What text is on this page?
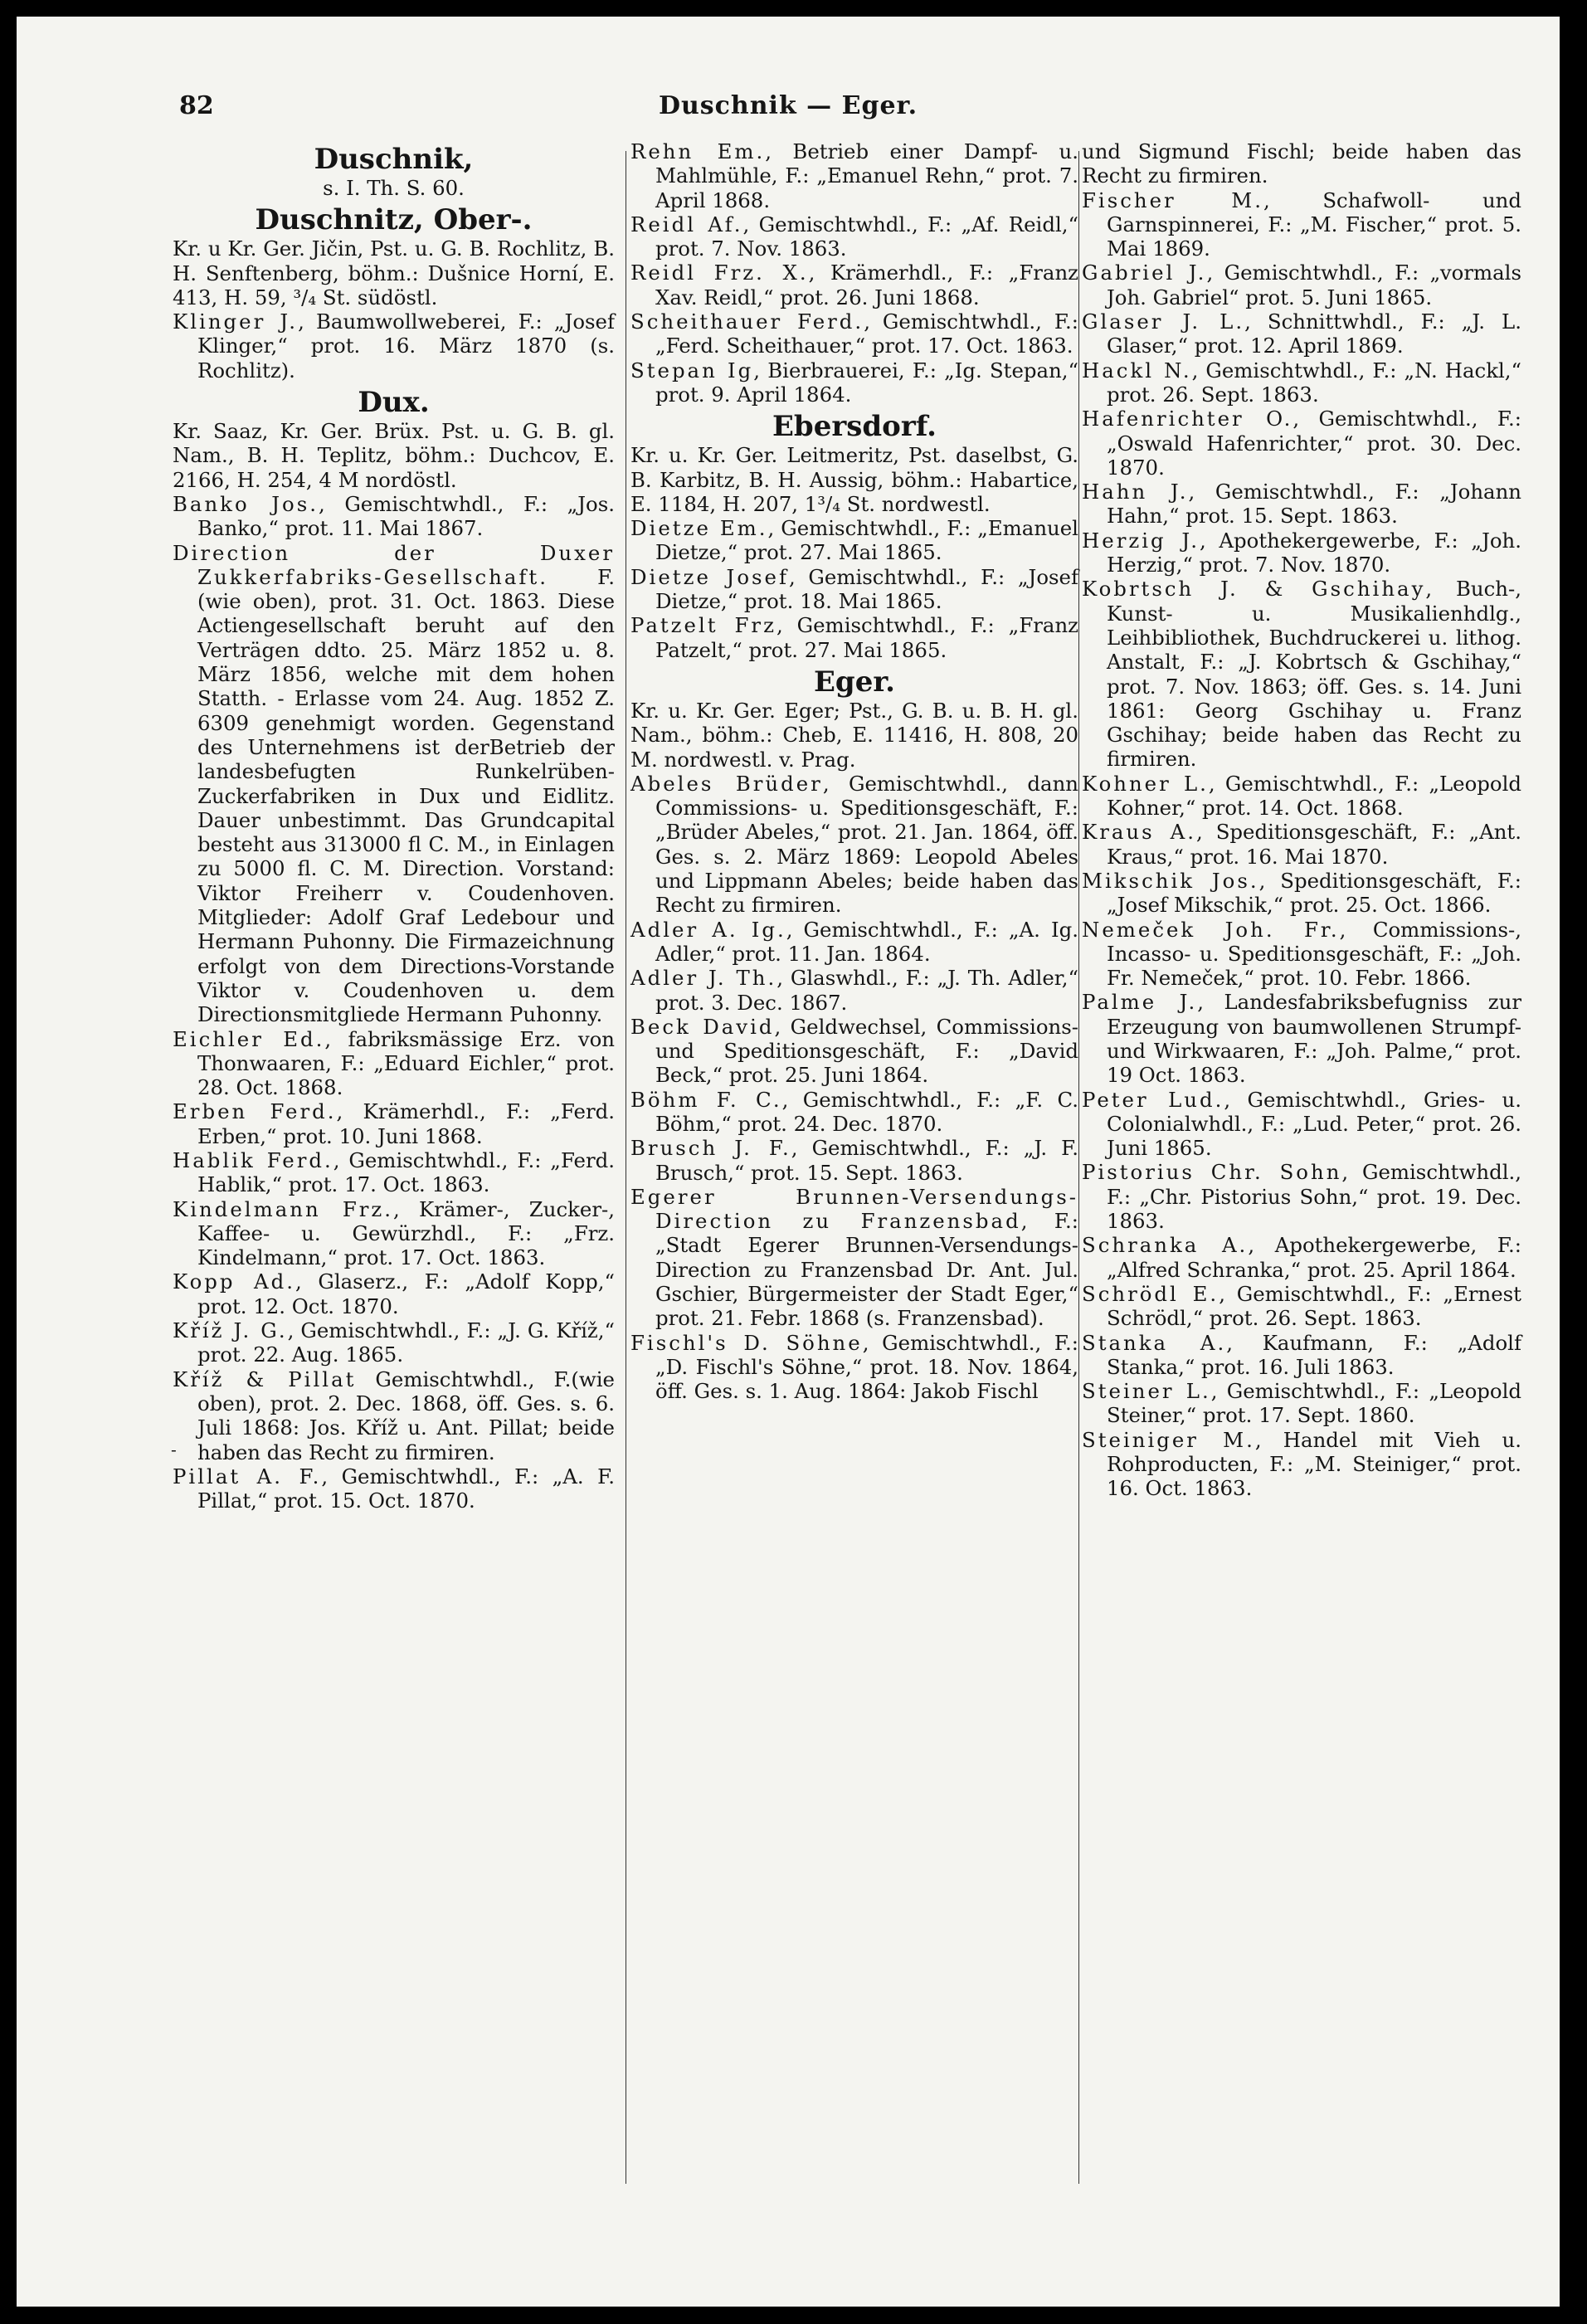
82	Duschnik — Eger.
Duschnik,
s. I. Th. S. 60.
Duschnitz, Ober-.
Kr. u Kr. Ger. Jičin, Pst. u. G. B. Rochlitz, B. H. Senftenberg, böhm.: Dušnice Horní, E. 413, H. 59, ³/₄ St. südöstl.
Klinger J., Baumwollweberei, F.: „Josef Klinger,“ prot. 16. März 1870 (s. Rochlitz).
Dux.
Kr. Saaz, Kr. Ger. Brüx. Pst. u. G. B. gl. Nam., B. H. Teplitz, böhm.: Duchcov, E. 2166, H. 254, 4 M nordöstl.
Banko Jos., Gemischtwhdl., F.: „Jos. Banko,“ prot. 11. Mai 1867.
Direction der Duxer Zukkerfabriks-Gesellschaft. F. (wie oben), prot. 31. Oct. 1863. Diese Actiengesellschaft beruht auf den Verträgen ddto. 25. März 1852 u. 8. März 1856, welche mit dem hohen Statth. - Erlasse vom 24. Aug. 1852 Z. 6309 genehmigt worden. Gegenstand des Unternehmens ist derBetrieb der landesbefugten Runkelrüben-Zuckerfabriken in Dux und Eidlitz. Dauer unbestimmt. Das Grundcapital besteht aus 313000 fl C. M., in Einlagen zu 5000 fl. C. M. Direction. Vorstand: Viktor Freiherr v. Coudenhoven. Mitglieder: Adolf Graf Ledebour und Hermann Puhonny. Die Firmazeichnung erfolgt von dem Directions-Vorstande Viktor v. Coudenhoven u. dem Directionsmitgliede Hermann Puhonny.
Eichler Ed., fabriksmässige Erz. von Thonwaaren, F.: „Eduard Eichler,“ prot. 28. Oct. 1868.
Erben Ferd., Krämerhdl., F.: „Ferd. Erben,“ prot. 10. Juni 1868.
Hablik Ferd., Gemischtwhdl., F.: „Ferd. Hablik,“ prot. 17. Oct. 1863.
Kindelmann Frz., Krämer-, Zucker-, Kaffee- u. Gewürzhdl., F.: „Frz. Kindelmann,“ prot. 17. Oct. 1863.
Kopp Ad., Glaserz., F.: „Adolf Kopp,“ prot. 12. Oct. 1870.
Kříž J. G., Gemischtwhdl., F.: „J. G. Kříž,“ prot. 22. Aug. 1865.
Kříž & Pillat Gemischtwhdl., F.(wie oben), prot. 2. Dec. 1868, öff. Ges. s. 6. Juli 1868: Jos. Kříž u. Ant. Pillat; beide haben das Recht zu firmiren.
Pillat A. F., Gemischtwhdl., F.: „A. F. Pillat,“ prot. 15. Oct. 1870.
Rehn Em., Betrieb einer Dampf- u. Mahlmühle, F.: „Emanuel Rehn,“ prot. 7. April 1868.
Reidl Af., Gemischtwhdl., F.: „Af. Reidl,“ prot. 7. Nov. 1863.
Reidl Frz. X., Krämerhdl., F.: „Franz Xav. Reidl,“ prot. 26. Juni 1868.
Scheithauer Ferd., Gemischtwhdl., F.: „Ferd. Scheithauer,“ prot. 17. Oct. 1863.
Stepan Ig, Bierbrauerei, F.: „Ig. Stepan,“ prot. 9. April 1864.
Ebersdorf.
Kr. u. Kr. Ger. Leitmeritz, Pst. daselbst, G. B. Karbitz, B. H. Aussig, böhm.: Habartice, E. 1184, H. 207, 1³/₄ St. nordwestl.
Dietze Em., Gemischtwhdl., F.: „Emanuel Dietze,“ prot. 27. Mai 1865.
Dietze Josef, Gemischtwhdl., F.: „Josef Dietze,“ prot. 18. Mai 1865.
Patzelt Frz, Gemischtwhdl., F.: „Franz Patzelt,“ prot. 27. Mai 1865.
Eger.
Kr. u. Kr. Ger. Eger; Pst., G. B. u. B. H. gl. Nam., böhm.: Cheb, E. 11416, H. 808, 20 M. nordwestl. v. Prag.
Abeles Brüder, Gemischtwhdl., dann Commissions- u. Speditionsgeschäft, F.: „Brüder Abeles,“ prot. 21. Jan. 1864, öff. Ges. s. 2. März 1869: Leopold Abeles und Lippmann Abeles; beide haben das Recht zu firmiren.
Adler A. Ig., Gemischtwhdl., F.: „A. Ig. Adler,“ prot. 11. Jan. 1864.
Adler J. Th., Glaswhdl., F.: „J. Th. Adler,“ prot. 3. Dec. 1867.
Beck David, Geldwechsel, Commissions- und Speditionsgeschäft, F.: „David Beck,“ prot. 25. Juni 1864.
Böhm F. C., Gemischtwhdl., F.: „F. C. Böhm,“ prot. 24. Dec. 1870.
Brusch J. F., Gemischtwhdl., F.: „J. F. Brusch,“ prot. 15. Sept. 1863.
Egerer Brunnen-Versendungs-Direction zu Franzensbad, F.: „Stadt Egerer Brunnen-Versendungs-Direction zu Franzensbad Dr. Ant. Jul. Gschier, Bürgermeister der Stadt Eger,“ prot. 21. Febr. 1868 (s. Franzensbad).
Fischl's D. Söhne, Gemischtwhdl., F.: „D. Fischl's Söhne,“ prot. 18. Nov. 1864, öff. Ges. s. 1. Aug. 1864: Jakob Fischl
und Sigmund Fischl; beide haben das Recht zu firmiren.
Fischer M., Schafwoll- und Garnspinnerei, F.: „M. Fischer,“ prot. 5. Mai 1869.
Gabriel J., Gemischtwhdl., F.: „vormals Joh. Gabriel“ prot. 5. Juni 1865.
Glaser J. L., Schnittwhdl., F.: „J. L. Glaser,“ prot. 12. April 1869.
Hackl N., Gemischtwhdl., F.: „N. Hackl,“ prot. 26. Sept. 1863.
Hafenrichter O., Gemischtwhdl., F.: „Oswald Hafenrichter,“ prot. 30. Dec. 1870.
Hahn J., Gemischtwhdl., F.: „Johann Hahn,“ prot. 15. Sept. 1863.
Herzig J., Apothekergewerbe, F.: „Joh. Herzig,“ prot. 7. Nov. 1870.
Kobrtsch J. & Gschihay, Buch-, Kunst- u. Musikalienhdlg., Leihbibliothek, Buchdruckerei u. lithog. Anstalt, F.: „J. Kobrtsch & Gschihay,“ prot. 7. Nov. 1863; öff. Ges. s. 14. Juni 1861: Georg Gschihay u. Franz Gschihay; beide haben das Recht zu firmiren.
Kohner L., Gemischtwhdl., F.: „Leopold Kohner,“ prot. 14. Oct. 1868.
Kraus A., Speditionsgeschäft, F.: „Ant. Kraus,“ prot. 16. Mai 1870.
Mikschik Jos., Speditionsgeschäft, F.: „Josef Mikschik,“ prot. 25. Oct. 1866.
Nemeček Joh. Fr., Commissions-, Incasso- u. Speditionsgeschäft, F.: „Joh. Fr. Nemeček,“ prot. 10. Febr. 1866.
Palme J., Landesfabriksbefugniss zur Erzeugung von baumwollenen Strumpf- und Wirkwaaren, F.: „Joh. Palme,“ prot. 19 Oct. 1863.
Peter Lud., Gemischtwhdl., Gries- u. Colonialwhdl., F.: „Lud. Peter,“ prot. 26. Juni 1865.
Pistorius Chr. Sohn, Gemischtwhdl., F.: „Chr. Pistorius Sohn,“ prot. 19. Dec. 1863.
Schranka A., Apothekergewerbe, F.: „Alfred Schranka,“ prot. 25. April 1864.
Schrödl E., Gemischtwhdl., F.: „Ernest Schrödl,“ prot. 26. Sept. 1863.
Stanka A., Kaufmann, F.: „Adolf Stanka,“ prot. 16. Juli 1863.
Steiner L., Gemischtwhdl., F.: „Leopold Steiner,“ prot. 17. Sept. 1860.
Steiniger M., Handel mit Vieh u. Rohproducten, F.: „M. Steiniger,“ prot. 16. Oct. 1863.
-
